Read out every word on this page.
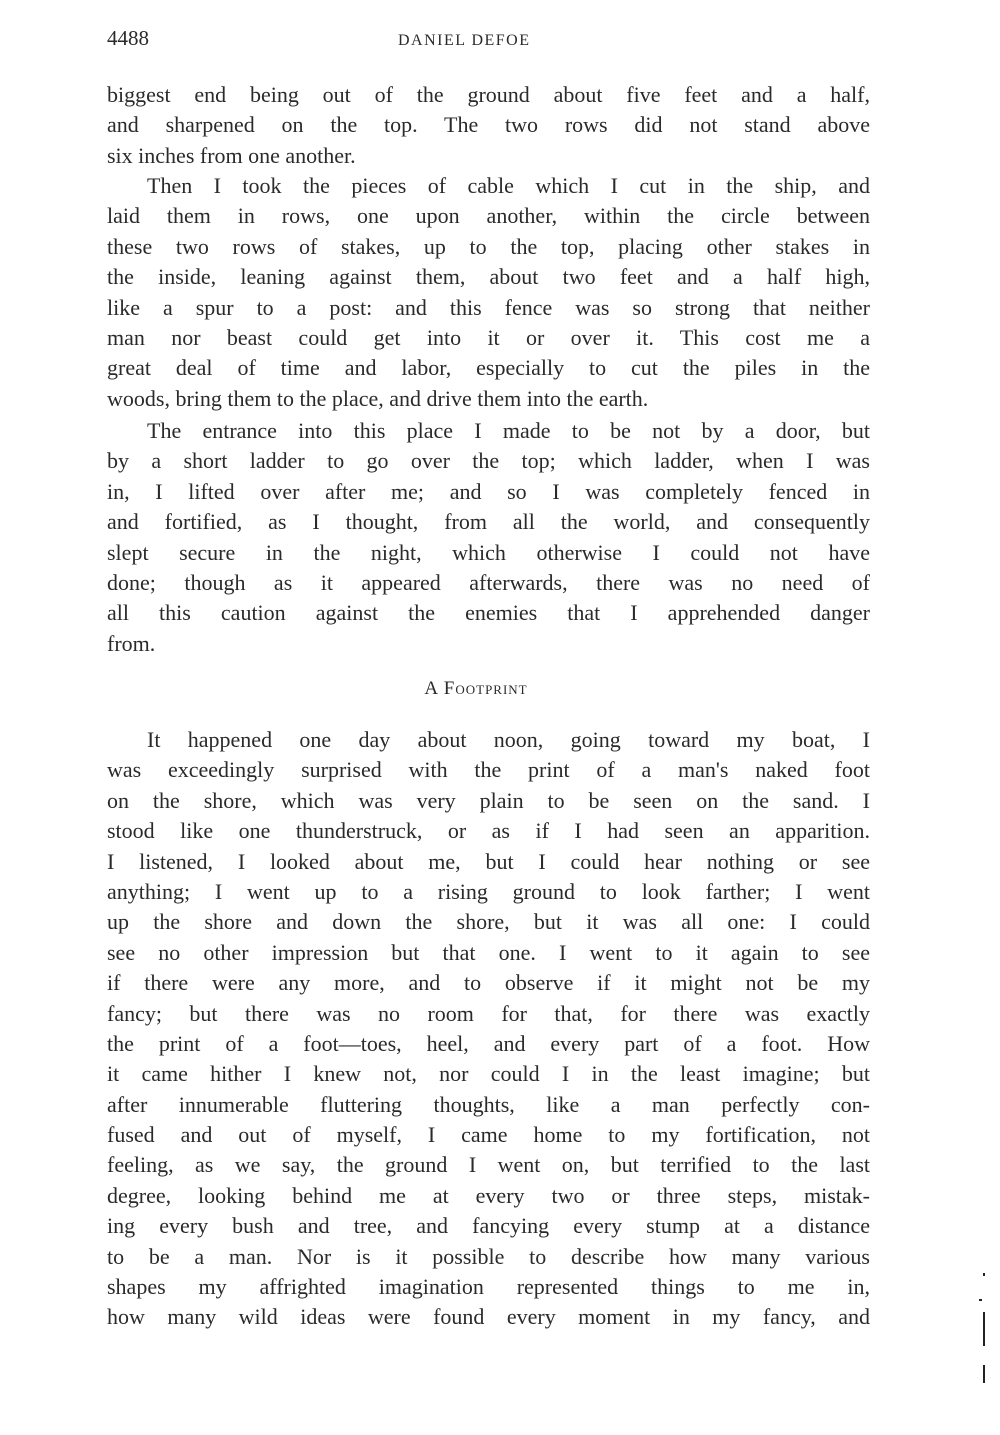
4488	DANIEL DEFOE
biggest end being out of the ground about five feet and a half,
and sharpened on the top. The two rows did not stand above
six inches from one another.
Then I took the pieces of cable which I cut in the ship, and
laid them in rows, one upon another, within the circle between
these two rows of stakes, up to the top, placing other stakes in
the inside, leaning against them, about two feet and a half high,
like a spur to a post: and this fence was so strong that neither
man nor beast could get into it or over it. This cost me a
great deal of time and labor, especially to cut the piles in the
woods, bring them to the place, and drive them into the earth.
The entrance into this place I made to be not by a door, but
by a short ladder to go over the top; which ladder, when I was
in, I lifted over after me; and so I was completely fenced in
and fortified, as I thought, from all the world, and consequently
slept secure in the night, which otherwise I could not have
done; though as it appeared afterwards, there was no need of
all this caution against the enemies that I apprehended danger
from.
A Footprint
It happened one day about noon, going toward my boat, I
was exceedingly surprised with the print of a man's naked foot
on the shore, which was very plain to be seen on the sand. I
stood like one thunderstruck, or as if I had seen an apparition.
I listened, I looked about me, but I could hear nothing or see
anything; I went up to a rising ground to look farther; I went
up the shore and down the shore, but it was all one: I could
see no other impression but that one. I went to it again to see
if there were any more, and to observe if it might not be my
fancy; but there was no room for that, for there was exactly
the print of a foot—toes, heel, and every part of a foot. How
it came hither I knew not, nor could I in the least imagine; but
after innumerable fluttering thoughts, like a man perfectly con-
fused and out of myself, I came home to my fortification, not
feeling, as we say, the ground I went on, but terrified to the last
degree, looking behind me at every two or three steps, mistak-
ing every bush and tree, and fancying every stump at a distance
to be a man. Nor is it possible to describe how many various
shapes my affrighted imagination represented things to me in,
how many wild ideas were found every moment in my fancy, and
